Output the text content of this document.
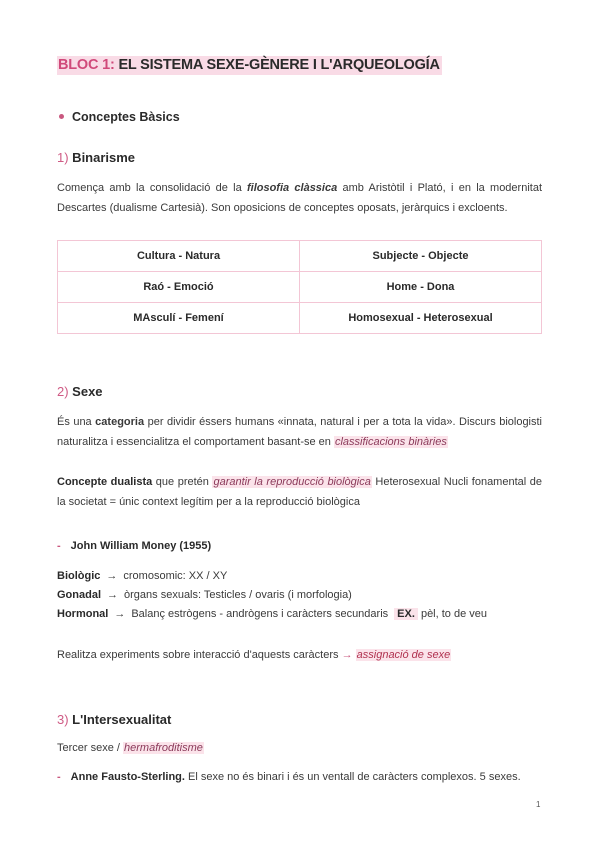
BLOC 1: EL SISTEMA SEXE-GÈNERE I L'ARQUEOLOGÍA
Conceptes Bàsics
1) Binarisme
Comença amb la consolidació de la filosofia clàssica amb Aristòtil i Plató, i en la modernitat Descartes (dualisme Cartesià). Son oposicions de conceptes oposats, jeràrquics i excloents.
Cultura - Natura	Subjecte - Objecte
Raó - Emoció	Home - Dona
MAsculí - Femení	Homosexual - Heterosexual
2) Sexe
És una categoria per dividir éssers humans «innata, natural i per a tota la vida». Discurs biologisti naturalitza i essencialitza el comportament basant-se en classificacions binàries
Concepte dualista que pretén garantir la reproducció biològica Heterosexual Nucli fonamental de la societat = únic context legítim per a la reproducció biològica
- John William Money (1955)
Biològic → cromosomic: XX / XY
Gonadal → òrgans sexuals: Testicles / ovaris (i morfologia)
Hormonal → Balanç estrògens - andrògens i caràcters secundaris EX. pèl, to de veu
Realitza experiments sobre interacció d'aquests caràcters → assignació de sexe
3) L'Intersexualitat
Tercer sexe / hermafroditisme
- Anne Fausto-Sterling. El sexe no és binari i és un ventall de caràcters complexos. 5 sexes.
1
